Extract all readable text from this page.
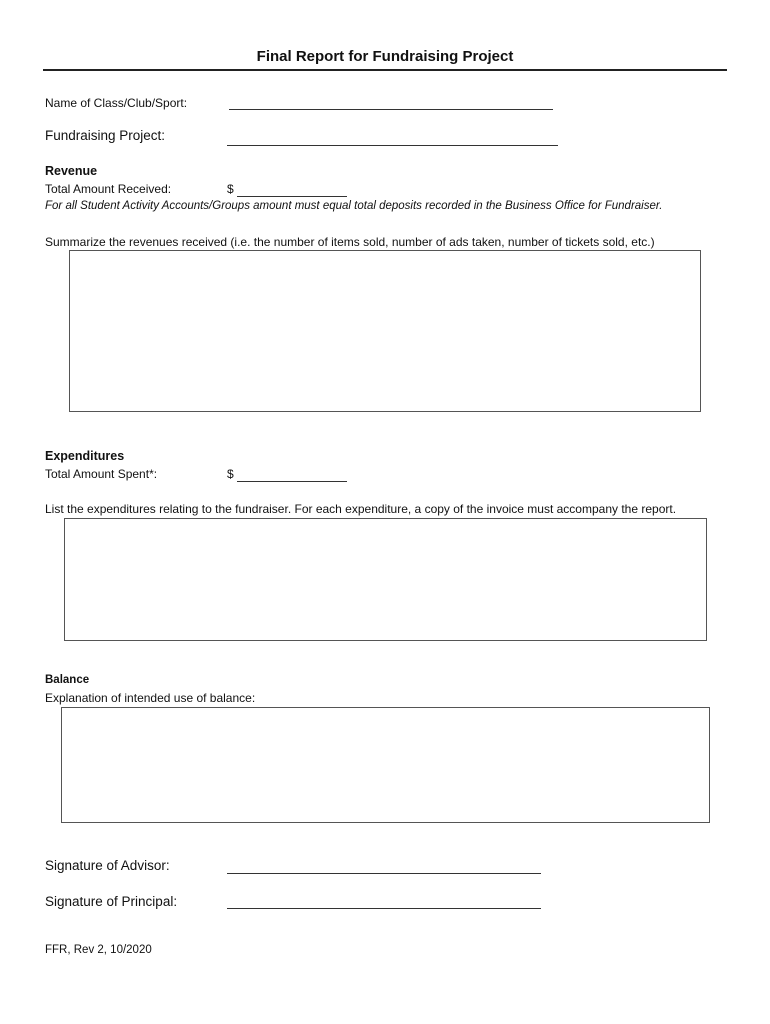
Final Report for Fundraising Project
Name of Class/Club/Sport:
Fundraising Project:
Revenue
Total Amount Received:	$
For all Student Activity Accounts/Groups amount must equal total deposits recorded in the Business Office for Fundraiser.
Summarize the revenues received (i.e. the number of items sold, number of ads taken, number of tickets sold, etc.)
Expenditures
Total Amount Spent*:	$
List the expenditures relating to the fundraiser. For each expenditure, a copy of the invoice must accompany the report.
Balance
Explanation of intended use of balance:
Signature of Advisor:
Signature of Principal:
FFR, Rev 2, 10/2020
